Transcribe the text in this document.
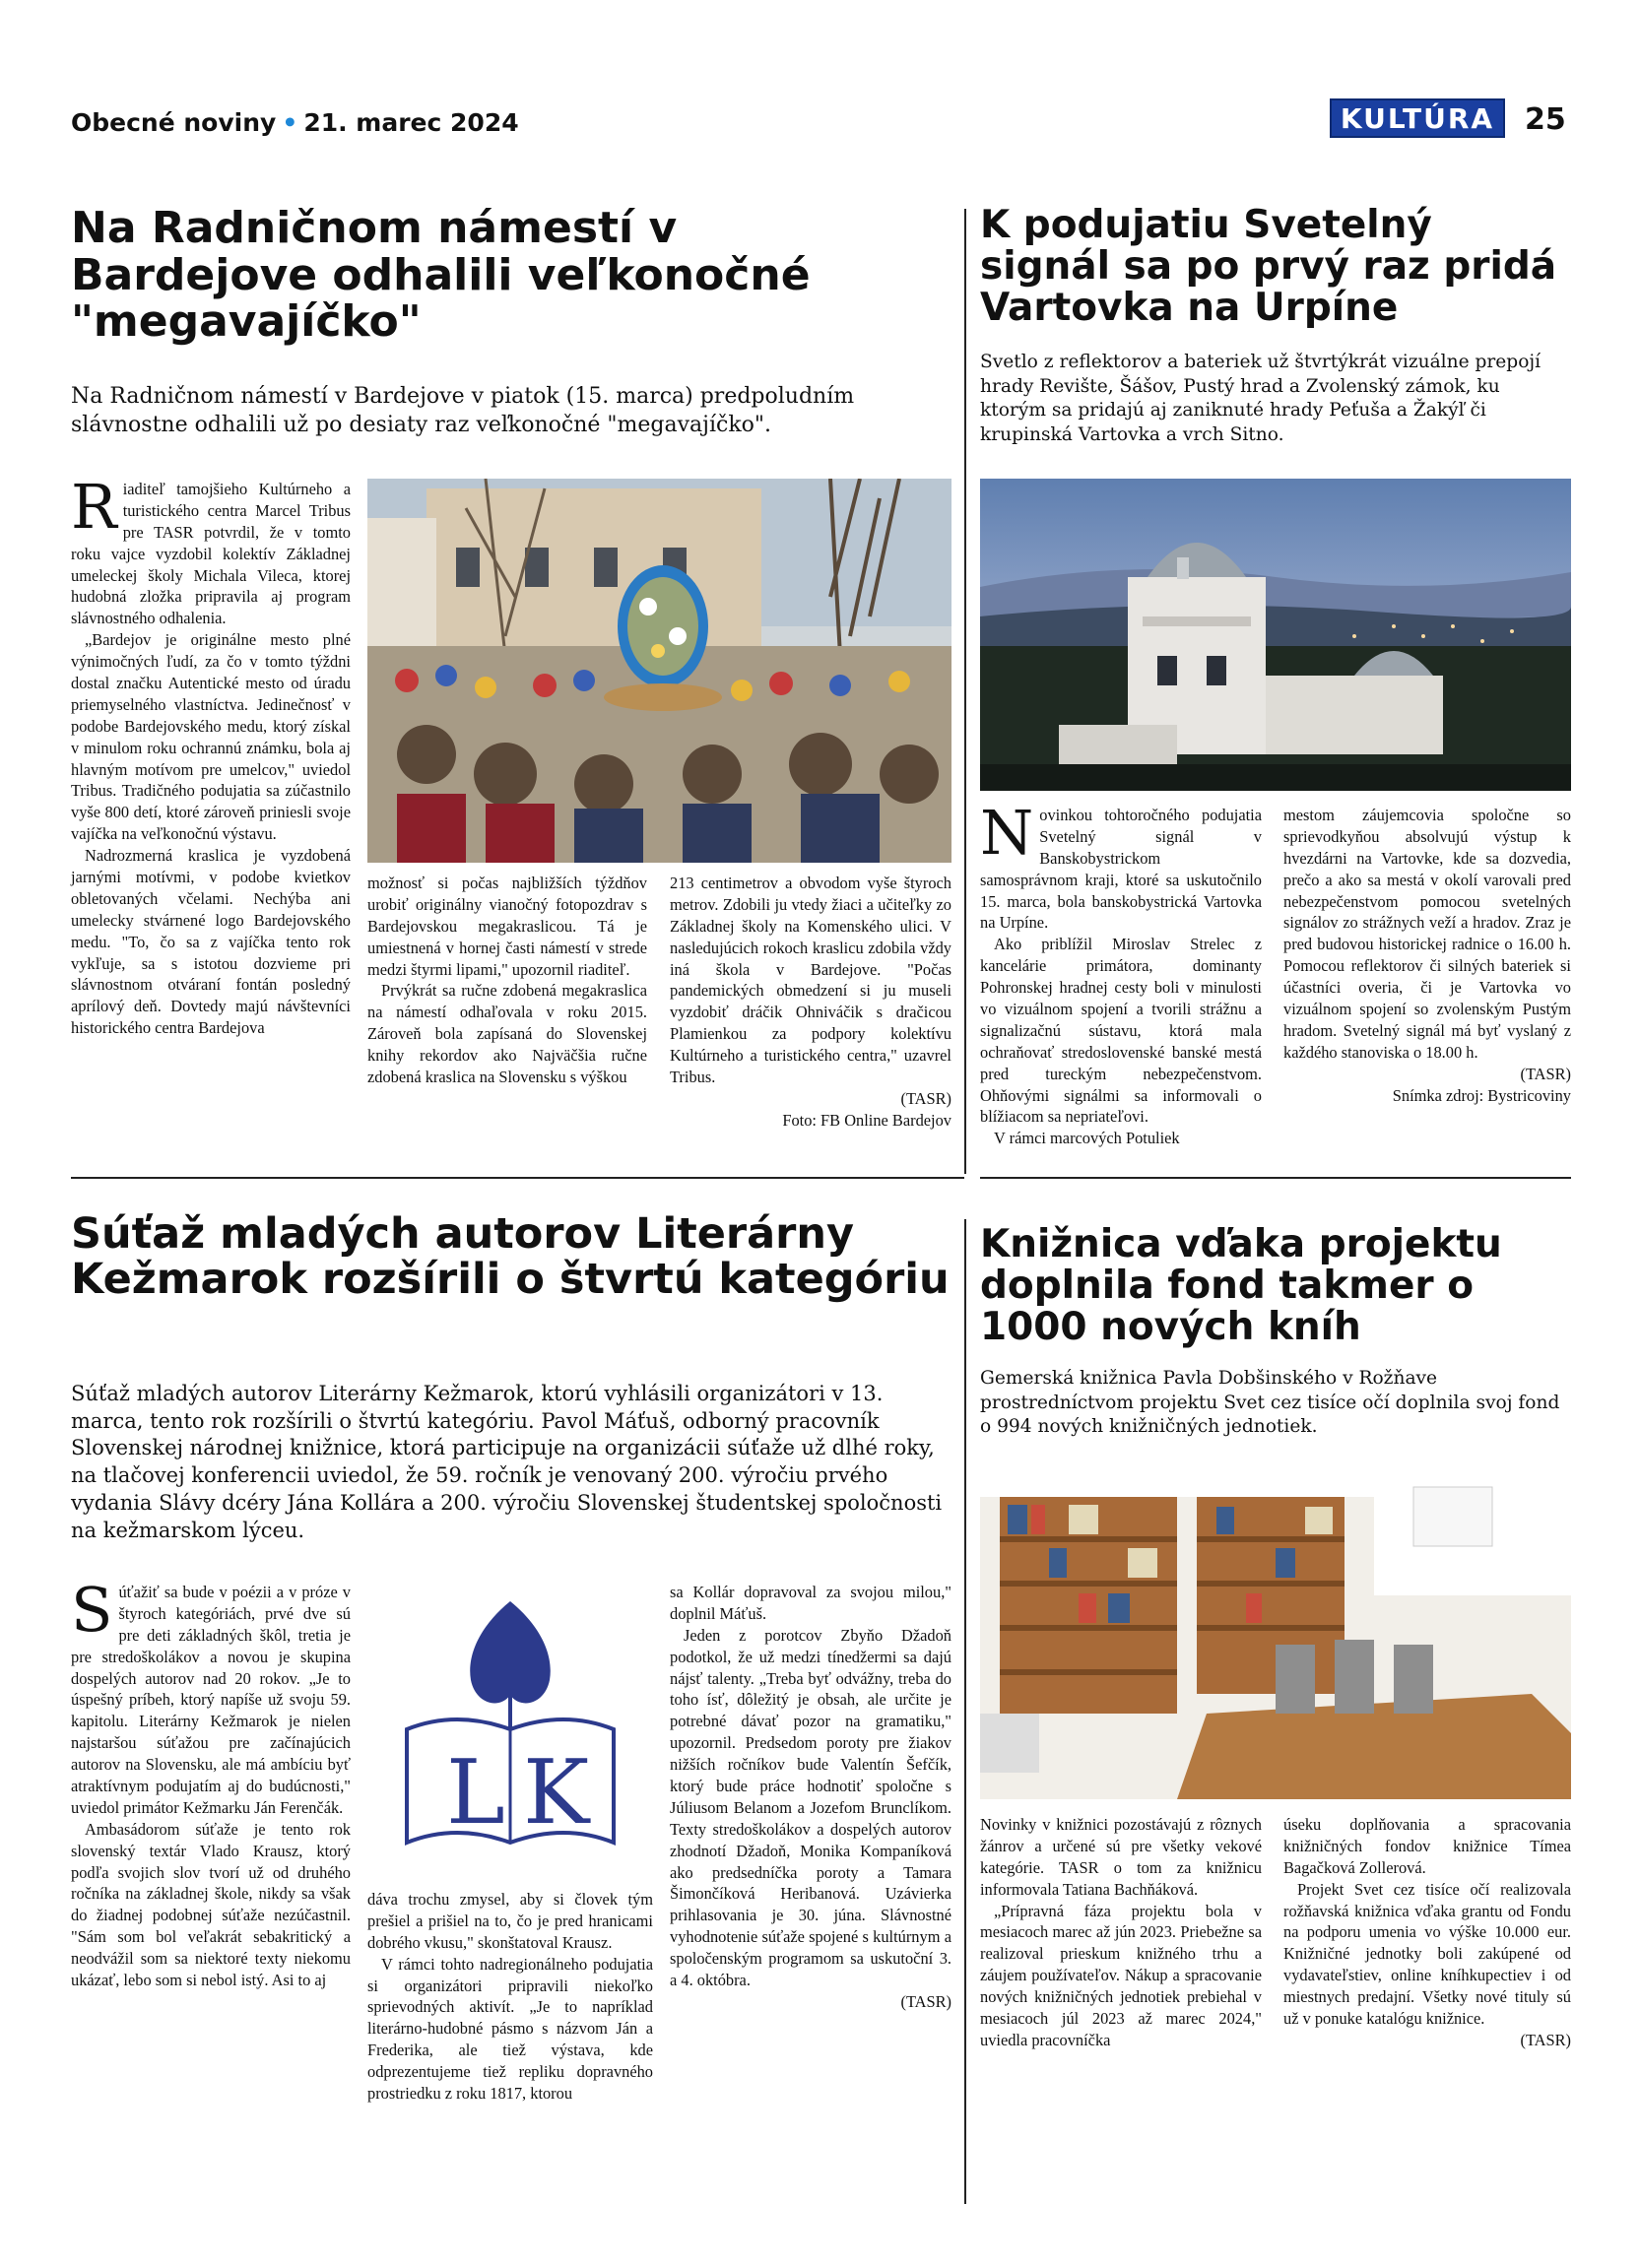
Obecné noviny • 21. marec 2024	KULTÚRA	25
Na Radničnom námestí v Bardejove odhalili veľkonočné "megavajíčko"
Na Radničnom námestí v Bardejove v piatok (15. marca) predpoludním slávnostne odhalili už po desiaty raz veľkonočné "megavajíčko".

Riaditeľ tamojšieho Kultúrneho a turistického centra Marcel Tribus pre TASR potvrdil, že v tomto roku vajce vyzdobil kolektív Základnej umeleckej školy Michala Vileca, ktorej hudobná zložka pripravila aj program slávnostného odhalenia.

„Bardejov je originálne mesto plné výnimočných ľudí, za čo v tomto týždni dostal značku Autentické mesto od úradu priemyselného vlastníctva. Jedinečnosť v podobe Bardejovského medu, ktorý získal v minulom roku ochrannú známku, bola aj hlavným motívom pre umelcov," uviedol Tribus. Tradičného podujatia sa zúčastnilo vyše 800 detí, ktoré zároveň priniesli svoje vajíčka na veľkonočnú výstavu.

Nadrozmerná kraslica je vyzdobená jarnými motívmi, v podobe kvietkov obletovaných včelami. Nechýba ani umelecky stvárnené logo Bardejovského medu. "To, čo sa z vajíčka tento rok vykľuje, sa s istotou dozvieme pri slávnostnom otváraní fontán posledný aprílový deň. Dovtedy majú návštevníci historického centra Bardejova

možnosť si počas najbližších týždňov urobiť originálny vianočný fotopozdrav s Bardejovskou megakraslicou. Tá je umiestnená v hornej časti námestí v strede medzi štyrmi lipami," upozornil riaditeľ.

Prvýkrát sa ručne zdobená megakraslica na námestí odhaľovala v roku 2015. Zároveň bola zapísaná do Slovenskej knihy rekordov ako Najväčšia ručne zdobená kraslica na Slovensku s výškou

213 centimetrov a obvodom vyše štyroch metrov. Zdobili ju vtedy žiaci a učiteľky zo Základnej školy na Komenského ulici. V nasledujúcich rokoch kraslicu zdobila vždy iná škola v Bardejove. "Počas pandemických obmedzení si ju museli vyzdobiť dráčik Ohniváčik s dračicou Plamienkou za podpory kolektívu Kultúrneho a turistického centra," uzavrel Tribus.

(TASR)
Foto: FB Online Bardejov
K podujatiu Svetelný signál sa po prvý raz pridá Vartovka na Urpíne
Svetlo z reflektorov a bateriek už štvrtýkrát vizuálne prepojí hrady Revište, Šášov, Pustý hrad a Zvolenský zámok, ku ktorým sa pridajú aj zaniknuté hrady Peťuša a Žakýľ či krupinská Vartovka a vrch Sitno.

Novinkou tohtoročného podujatia Svetelný signál v Banskobystrickom samosprávnom kraji, ktoré sa uskutočnilo 15. marca, bola banskobystrická Vartovka na Urpíne.

Ako priblížil Miroslav Strelec z kancelárie primátora, dominanty Pohronskej hradnej cesty boli v minulosti vo vizuálnom spojení a tvorili strážnu a signalizačnú sústavu, ktorá mala ochraňovať stredoslovenské banské mestá pred tureckým nebezpečenstvom. Ohňovými signálmi sa informovali o blížiacom sa nepriateľovi.

V rámci marcových Potuliek

mestom záujemcovia spoločne so sprievodkyňou absolvujú výstup k hvezdárni na Vartovke, kde sa dozvedia, prečo a ako sa mestá v okolí varovali pred nebezpečenstvom pomocou svetelných signálov zo strážnych veží a hradov. Zraz je pred budovou historickej radnice o 16.00 h. Pomocou reflektorov či silných bateriek si účastníci overia, či je Vartovka vo vizuálnom spojení so zvolenským Pustým hradom. Svetelný signál má byť vyslaný z každého stanoviska o 18.00 h.

(TASR)
Snímka zdroj: Bystricoviny
Súťaž mladých autorov Literárny Kežmarok rozšírili o štvrtú kategóriu
Súťaž mladých autorov Literárny Kežmarok, ktorú vyhlásili organizátori v 13. marca, tento rok rozšírili o štvrtú kategóriu. Pavol Máťuš, odborný pracovník Slovenskej národnej knižnice, ktorá participuje na organizácii súťaže už dlhé roky, na tlačovej konferencii uviedol, že 59. ročník je venovaný 200. výročiu prvého vydania Slávy dcéry Jána Kollára a 200. výročiu Slovenskej študentskej spoločnosti na kežmarskom lýceu.

Súťažiť sa bude v poézii a v próze v štyroch kategóriách, prvé dve sú pre deti základných škôl, tretia je pre stredoškolákov a novou je skupina dospelých autorov nad 20 rokov. „Je to úspešný príbeh, ktorý napíše už svoju 59. kapitolu. Literárny Kežmarok je nielen najstaršou súťažou pre začínajúcich autorov na Slovensku, ale má ambíciu byť atraktívnym podujatím aj do budúcnosti," uviedol primátor Kežmarku Ján Ferenčák.

Ambasádorom súťaže je tento rok slovenský textár Vlado Krausz, ktorý podľa svojich slov tvorí už od druhého ročníka na základnej škole, nikdy sa však do žiadnej podobnej súťaže nezúčastnil. "Sám som bol veľakrát sebakritický a neodvážil som sa niektoré texty niekomu ukázať, lebo som si nebol istý. Asi to aj

L K

dáva trochu zmysel, aby si človek tým prešiel a prišiel na to, čo je pred hranicami dobrého vkusu," skonštatoval Krausz.

V rámci tohto nadregionálneho podujatia si organizátori pripravili niekoľko sprievodných aktivít. „Je to napríklad literárno-hudobné pásmo s názvom Ján a Frederika, ale tiež výstava, kde odprezentujeme tiež repliku dopravného prostriedku z roku 1817, ktorou

sa Kollár dopravoval za svojou milou," doplnil Máťuš.

Jeden z porotcov Zbyňo Džadoň podotkol, že už medzi tínedžermi sa dajú nájsť talenty. „Treba byť odvážny, treba do toho ísť, dôležitý je obsah, ale určite je potrebné dávať pozor na gramatiku," upozornil. Predsedom poroty pre žiakov nižších ročníkov bude Valentín Šefčík, ktorý bude práce hodnotiť spoločne s Júliusom Belanom a Jozefom Brunclíkom. Texty stredoškolákov a dospelých autorov zhodnotí Džadoň, Monika Kompaníková ako predsedníčka poroty a Tamara Šimončíková Heribanová. Uzávierka prihlasovania je 30. júna. Slávnostné vyhodnotenie súťaže spojené s kultúrnym a spoločenským programom sa uskutoční 3. a 4. októbra.

(TASR)
Knižnica vďaka projektu doplnila fond takmer o 1000 nových kníh
Gemerská knižnica Pavla Dobšinského v Rožňave prostredníctvom projektu Svet cez tisíce očí doplnila svoj fond o 994 nových knižničných jednotiek.

Novinky v knižnici pozostávajú z rôznych žánrov a určené sú pre všetky vekové kategórie. TASR o tom za knižnicu informovala Tatiana Bachňáková.

„Prípravná fáza projektu bola v mesiacoch marec až jún 2023. Priebežne sa realizoval prieskum knižného trhu a záujem používateľov. Nákup a spracovanie nových knižničných jednotiek prebiehal v mesiacoch júl 2023 až marec 2024," uviedla pracovníčka

úseku doplňovania a spracovania knižničných fondov knižnice Tímea Bagačková Zollerová.

Projekt Svet cez tisíce očí realizovala rožňavská knižnica vďaka grantu od Fondu na podporu umenia vo výške 10.000 eur. Knižničné jednotky boli zakúpené od vydavateľstiev, online kníhkupectiev i od miestnych predajní. Všetky nové tituly sú už v ponuke katalógu knižnice.

(TASR)
